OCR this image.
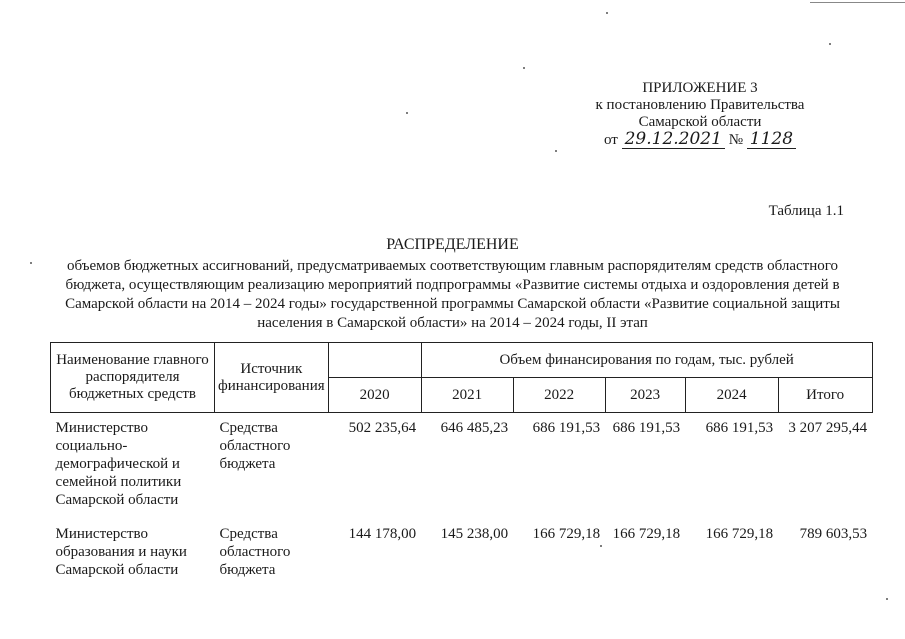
ПРИЛОЖЕНИЕ 3
к постановлению Правительства
Самарской области
от 29.12.2021 № 1128
Таблица 1.1
РАСПРЕДЕЛЕНИЕ
объемов бюджетных ассигнований, предусматриваемых соответствующим главным распорядителям средств областного бюджета, осуществляющим реализацию мероприятий подпрограммы «Развитие системы отдыха и оздоровления детей в Самарской области на 2014 – 2024 годы» государственной программы Самарской области «Развитие социальной защиты населения в Самарской области» на 2014 – 2024 годы, II этап
Наименование главного распорядителя бюджетных средств	Источник финансирования		Объем финансирования по годам, тыс. рублей				
		2020	2021	2022	2023	2024	Итого

Министерство социально-демографической и семейной политики Самарской области	Средства областного бюджета	502 235,64	646 485,23	686 191,53	686 191,53	686 191,53	3 207 295,44
Министерство образования и науки Самарской области	Средства областного бюджета	144 178,00	145 238,00	166 729,18	166 729,18	166 729,18	789 603,53
